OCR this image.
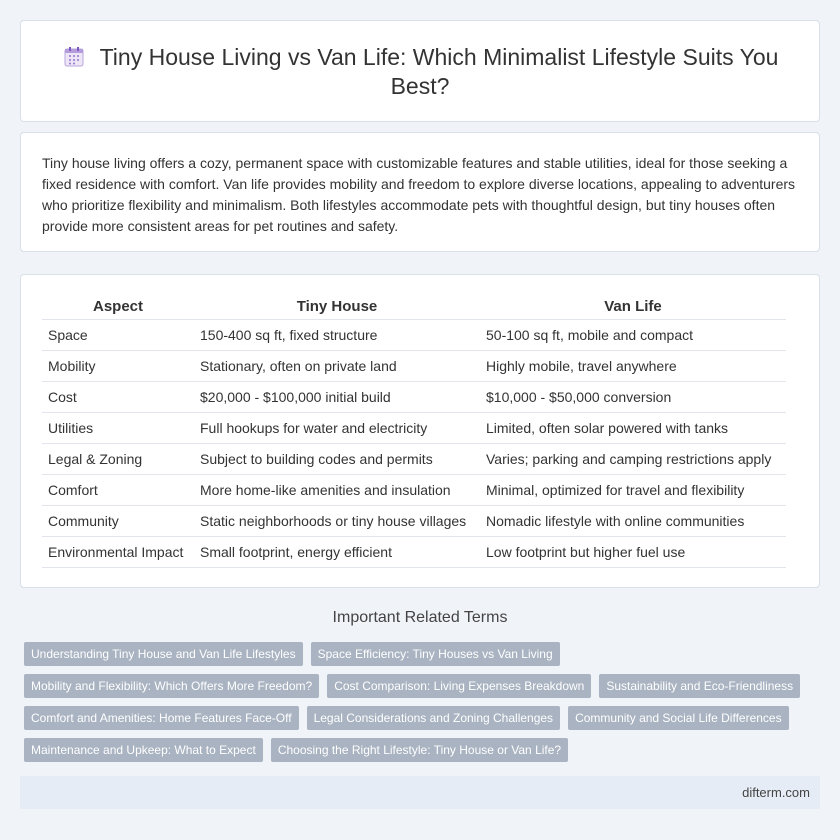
Tiny House Living vs Van Life: Which Minimalist Lifestyle Suits You Best?

Tiny house living offers a cozy, permanent space with customizable features and stable utilities, ideal for those seeking a fixed residence with comfort. Van life provides mobility and freedom to explore diverse locations, appealing to adventurers who prioritize flexibility and minimalism. Both lifestyles accommodate pets with thoughtful design, but tiny houses often provide more consistent areas for pet routines and safety.

Aspect	Tiny House	Van Life
Space	150-400 sq ft, fixed structure	50-100 sq ft, mobile and compact
Mobility	Stationary, often on private land	Highly mobile, travel anywhere
Cost	$20,000 - $100,000 initial build	$10,000 - $50,000 conversion
Utilities	Full hookups for water and electricity	Limited, often solar powered with tanks
Legal & Zoning	Subject to building codes and permits	Varies; parking and camping restrictions apply
Comfort	More home-like amenities and insulation	Minimal, optimized for travel and flexibility
Community	Static neighborhoods or tiny house villages	Nomadic lifestyle with online communities
Environmental Impact	Small footprint, energy efficient	Low footprint but higher fuel use
Important Related Terms
Understanding Tiny House and Van Life Lifestyles	Space Efficiency: Tiny Houses vs Van Living
Mobility and Flexibility: Which Offers More Freedom?	Cost Comparison: Living Expenses Breakdown	Sustainability and Eco-Friendliness
Comfort and Amenities: Home Features Face-Off	Legal Considerations and Zoning Challenges	Community and Social Life Differences
Maintenance and Upkeep: What to Expect	Choosing the Right Lifestyle: Tiny House or Van Life?
difterm.com
